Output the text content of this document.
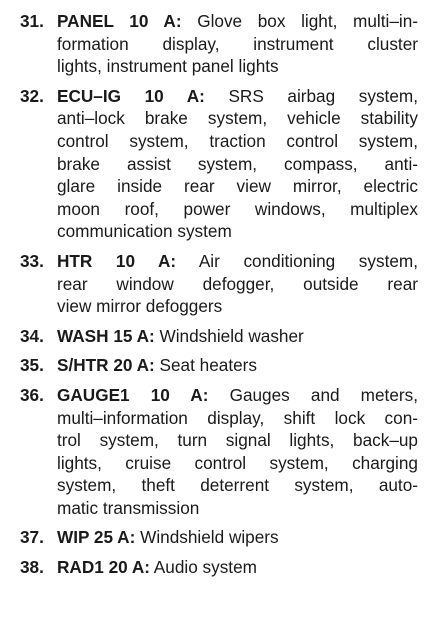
31. PANEL 10 A: Glove box light, multi–in-
formation display, instrument cluster
lights, instrument panel lights
32. ECU–IG 10 A: SRS airbag system,
anti–lock brake system, vehicle stability
control system, traction control system,
brake assist system, compass, anti-
glare inside rear view mirror, electric
moon roof, power windows, multiplex
communication system
33. HTR 10 A: Air conditioning system,
rear window defogger, outside rear
view mirror defoggers
34. WASH 15 A: Windshield washer
35. S/HTR 20 A: Seat heaters
36. GAUGE1 10 A: Gauges and meters,
multi–information display, shift lock con-
trol system, turn signal lights, back–up
lights, cruise control system, charging
system, theft deterrent system, auto-
matic transmission
37. WIP 25 A: Windshield wipers
38. RAD1 20 A: Audio system
